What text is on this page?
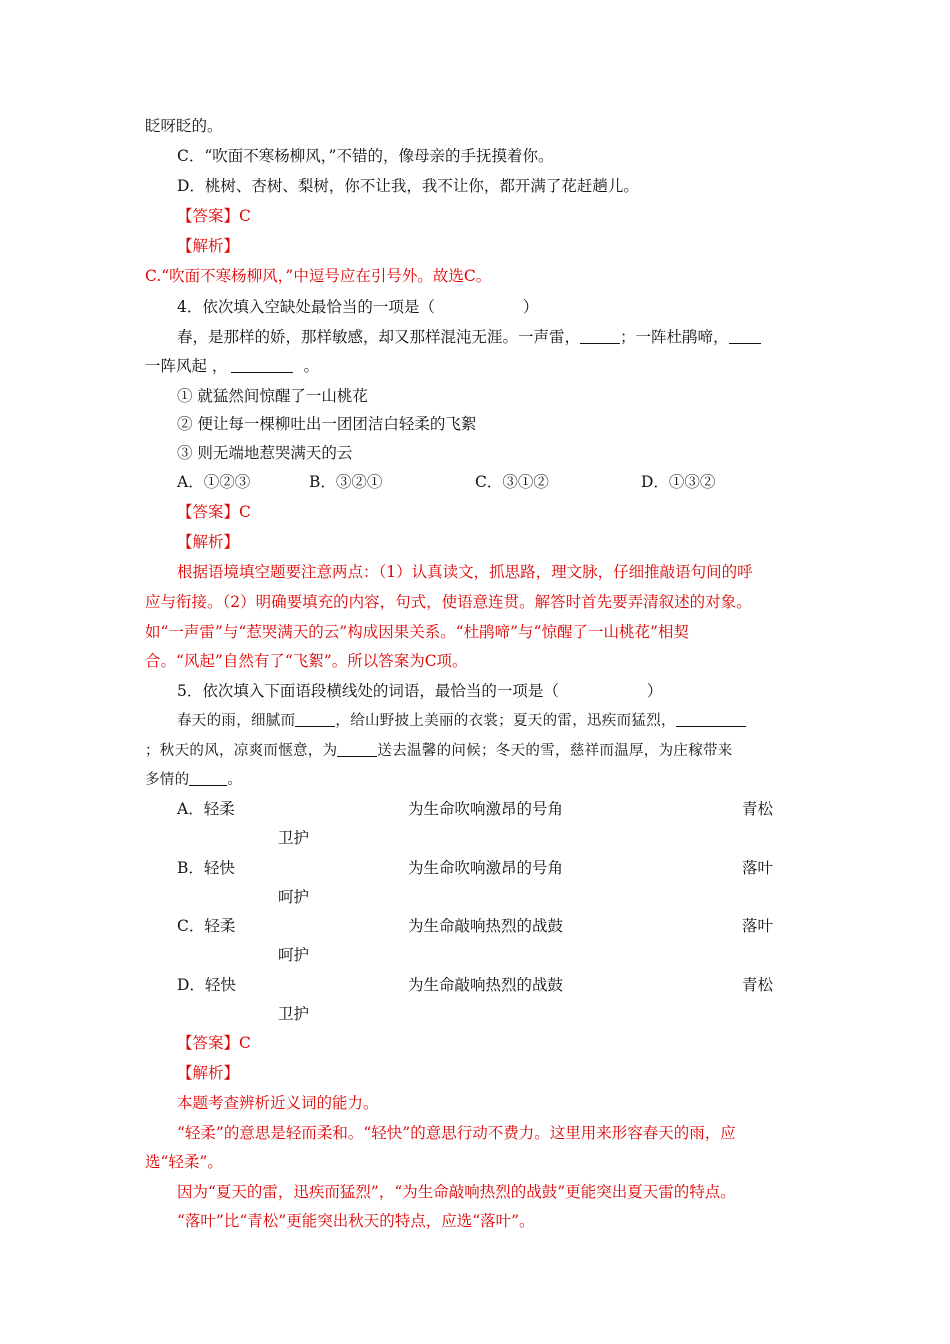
眨呀眨的。
C．“吹面不寒杨柳风，”不错的，像母亲的手抚摸着你。
D．桃树、杏树、梨树，你不让我，我不让你，都开满了花赶趟儿。
【答案】C
【解析】
C.“吹面不寒杨柳风，”中逗号应在引号外。故选C。
4．依次填入空缺处最恰当的一项是（	）
春，是那样的娇，那样敏感，却又那样混沌无涯。一声雷，	；一阵杜鹃啼，
一阵风起 ，	。
① 就猛然间惊醒了一山桃花
② 便让每一棵柳吐出一团团洁白轻柔的飞絮
③ 则无端地惹哭满天的云
A．①②③	B．③②①	C．③①②	D．①③②
【答案】C
【解析】
根据语境填空题要注意两点：（1）认真读文，抓思路，理文脉，仔细推敲语句间的呼
应与衔接。（2）明确要填充的内容，句式，使语意连贯。解答时首先要弄清叙述的对象。
如“一声雷”与“惹哭满天的云”构成因果关系。“杜鹃啼”与“惊醒了一山桃花”相契
合。“风起”自然有了“飞絮”。所以答案为C项。
5．依次填入下面语段横线处的词语，最恰当的一项是（	）
春天的雨，细腻而	，给山野披上美丽的衣裳；夏天的雷，迅疾而猛烈，
；秋天的风，凉爽而惬意，为	送去温馨的问候；冬天的雪，慈祥而温厚，为庄稼带来
多情的	。
A．轻柔	为生命吹响激昂的号角	青松
卫护
B．轻快	为生命吹响激昂的号角	落叶
呵护
C．轻柔	为生命敲响热烈的战鼓	落叶
呵护
D．轻快	为生命敲响热烈的战鼓	青松
卫护
【答案】C
【解析】
本题考查辨析近义词的能力。
“轻柔”的意思是轻而柔和。“轻快”的意思行动不费力。这里用来形容春天的雨，应
选“轻柔”。
因为“夏天的雷，迅疾而猛烈”，“为生命敲响热烈的战鼓”更能突出夏天雷的特点。
“落叶”比“青松”更能突出秋天的特点，应选“落叶”。
